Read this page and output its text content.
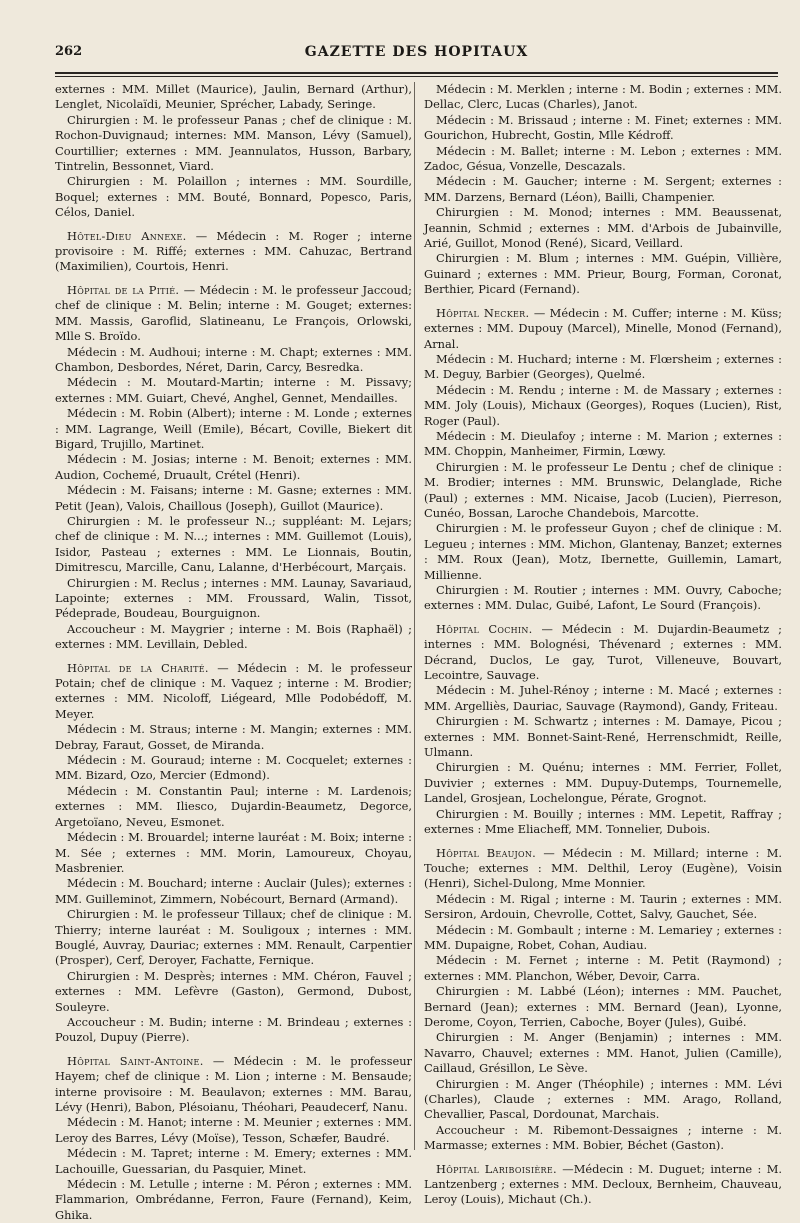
262	GAZETTE DES HOPITAUX

externes : MM. Millet (Maurice), Jaulin, Bernard (Arthur), Lenglet, Nicolaïdi, Meunier, Sprécher, Labady, Seringe.

Chirurgien : M. le professeur Panas ; chef de clinique : M. Rochon-Duvignaud; internes: MM. Manson, Lévy (Samuel), Courtillier; externes : MM. Jeannulatos, Husson, Barbary, Tintrelin, Bessonnet, Viard.

Chirurgien : M. Polaillon ; internes : MM. Sourdille, Boquel; externes : MM. Bouté, Bonnard, Popesco, Paris, Célos, Daniel.

Hôtel-Dieu Annexe. — Médecin : M. Roger ; interne provisoire : M. Riffé; externes : MM. Cahuzac, Bertrand (Maximilien), Courtois, Henri.

Hôpital de la Pitié. — Médecin : M. le professeur Jaccoud; chef de clinique : M. Belin; interne : M. Gouget; externes: MM. Massis, Garoflid, Slatineanu, Le François, Orlowski, Mlle S. Broïdo.

Médecin : M. Audhoui; interne : M. Chapt; externes : MM. Chambon, Desbordes, Néret, Darin, Carcy, Besredka.

Médecin : M. Moutard-Martin; interne : M. Pissavy; externes : MM. Guiart, Chevé, Anghel, Gennet, Mendailles.

Médecin : M. Robin (Albert); interne : M. Londe ; externes : MM. Lagrange, Weill (Emile), Bécart, Coville, Biekert dit Bigard, Trujillo, Martinet.

Médecin : M. Josias; interne : M. Benoit; externes : MM. Audion, Cochemé, Druault, Crétel (Henri).

Médecin : M. Faisans; interne : M. Gasne; externes : MM. Petit (Jean), Valois, Chaillous (Joseph), Guillot (Maurice).

Chirurgien : M. le professeur N..; suppléant: M. Lejars; chef de clinique : M. N...; internes : MM. Guillemot (Louis), Isidor, Pasteau ; externes : MM. Le Lionnais, Boutin, Dimitrescu, Marcille, Canu, Lalanne, d'Herbécourt, Marçais.

Chirurgien : M. Reclus ; internes : MM. Launay, Savariaud, Lapointe; externes : MM. Froussard, Walin, Tissot, Pédeprade, Boudeau, Bourguignon.

Accoucheur : M. Maygrier ; interne : M. Bois (Raphaël) ; externes : MM. Levillain, Debled.

Hôpital de la Charité. — Médecin : M. le professeur Potain; chef de clinique : M. Vaquez ; interne : M. Brodier; externes : MM. Nicoloff, Liégeard, Mlle Podobédoff, M. Meyer.

Médecin : M. Straus; interne : M. Mangin; externes : MM. Debray, Faraut, Gosset, de Miranda.

Médecin : M. Gouraud; interne : M. Cocquelet; externes : MM. Bizard, Ozo, Mercier (Edmond).

Médecin : M. Constantin Paul; interne : M. Lardenois; externes : MM. Iliesco, Dujardin-Beaumetz, Degorce, Argetoïano, Neveu, Esmonet.

Médecin : M. Brouardel; interne lauréat : M. Boix; interne : M. Sée ; externes : MM. Morin, Lamoureux, Choyau, Masbrenier.

Médecin : M. Bouchard; interne : Auclair (Jules); externes : MM. Guilleminot, Zimmern, Nobécourt, Bernard (Armand).

Chirurgien : M. le professeur Tillaux; chef de clinique : M. Thierry; interne lauréat : M. Souligoux ; internes : MM. Bouglé, Auvray, Dauriac; externes : MM. Renault, Carpentier (Prosper), Cerf, Deroyer, Fachatte, Fernique.

Chirurgien : M. Desprès; internes : MM. Chéron, Fauvel ; externes : MM. Lefèvre (Gaston), Germond, Dubost, Souleyre.

Accoucheur : M. Budin; interne : M. Brindeau ; externes : Pouzol, Dupuy (Pierre).

Hôpital Saint-Antoine. — Médecin : M. le professeur Hayem; chef de clinique : M. Lion ; interne : M. Bensaude; interne provisoire : M. Beaulavon; externes : MM. Barau, Lévy (Henri), Babon, Plésoianu, Théohari, Peaudecerf, Nanu.

Médecin : M. Hanot; interne : M. Meunier ; externes : MM. Leroy des Barres, Lévy (Moïse), Tesson, Schæfer, Baudré.

Médecin : M. Tapret; interne : M. Emery; externes : MM. Lachouille, Guessarian, du Pasquier, Minet.

Médecin : M. Letulle ; interne : M. Péron ; externes : MM. Flammarion, Ombrédanne, Ferron, Faure (Fernand), Keim, Ghika.

Médecin : M. Merklen ; interne : M. Bodin ; externes : MM. Dellac, Clerc, Lucas (Charles), Janot.

Médecin : M. Brissaud ; interne : M. Finet; externes : MM. Gourichon, Hubrecht, Gostin, Mlle Kédroff.

Médecin : M. Ballet; interne : M. Lebon ; externes : MM. Zadoc, Gésua, Vonzelle, Descazals.

Médecin : M. Gaucher; interne : M. Sergent; externes : MM. Darzens, Bernard (Léon), Bailli, Champenier.

Chirurgien : M. Monod; internes : MM. Beaussenat, Jeannin, Schmid ; externes : MM. d'Arbois de Jubainville, Arié, Guillot, Monod (René), Sicard, Veillard.

Chirurgien : M. Blum ; internes : MM. Guépin, Villière, Guinard ; externes : MM. Prieur, Bourg, Forman, Coronat, Berthier, Picard (Fernand).

Hôpital Necker. — Médecin : M. Cuffer; interne : M. Küss; externes : MM. Dupouy (Marcel), Minelle, Monod (Fernand), Arnal.

Médecin : M. Huchard; interne : M. Flœrsheim ; externes : M. Deguy, Barbier (Georges), Quelmé.

Médecin : M. Rendu ; interne : M. de Massary ; externes : MM. Joly (Louis), Michaux (Georges), Roques (Lucien), Rist, Roger (Paul).

Médecin : M. Dieulafoy ; interne : M. Marion ; externes : MM. Choppin, Manheimer, Firmin, Lœwy.

Chirurgien : M. le professeur Le Dentu ; chef de clinique : M. Brodier; internes : MM. Brunswic, Delanglade, Riche (Paul) ; externes : MM. Nicaise, Jacob (Lucien), Pierreson, Cunéo, Bossan, Laroche Chandebois, Marcotte.

Chirurgien : M. le professeur Guyon ; chef de clinique : M. Legueu ; internes : MM. Michon, Glantenay, Banzet; externes : MM. Roux (Jean), Motz, Ibernette, Guillemin, Lamart, Millienne.

Chirurgien : M. Routier ; internes : MM. Ouvry, Caboche; externes : MM. Dulac, Guibé, Lafont, Le Sourd (François).

Hôpital Cochin. — Médecin : M. Dujardin-Beaumetz ; internes : MM. Bolognési, Thévenard ; externes : MM. Décrand, Duclos, Le gay, Turot, Villeneuve, Bouvart, Lecointre, Sauvage.

Médecin : M. Juhel-Rénoy ; interne : M. Macé ; externes : MM. Argelliès, Dauriac, Sauvage (Raymond), Gandy, Friteau.

Chirurgien : M. Schwartz ; internes : M. Damaye, Picou ; externes : MM. Bonnet-Saint-René, Herrenschmidt, Reille, Ulmann.

Chirurgien : M. Quénu; internes : MM. Ferrier, Follet, Duvivier ; externes : MM. Dupuy-Dutemps, Tournemelle, Landel, Grosjean, Lochelongue, Pérate, Grognot.

Chirurgien : M. Bouilly ; internes : MM. Lepetit, Raffray ; externes : Mme Eliacheff, MM. Tonnelier, Dubois.

Hôpital Beaujon. — Médecin : M. Millard; interne : M. Touche; externes : MM. Delthil, Leroy (Eugène), Voisin (Henri), Sichel-Dulong, Mme Monnier.

Médecin : M. Rigal ; interne : M. Taurin ; externes : MM. Sersiron, Ardouin, Chevrolle, Cottet, Salvy, Gauchet, Sée.

Médecin : M. Gombault ; interne : M. Lemariey ; externes : MM. Dupaigne, Robet, Cohan, Audiau.

Médecin : M. Fernet ; interne : M. Petit (Raymond) ; externes : MM. Planchon, Wéber, Devoir, Carra.

Chirurgien : M. Labbé (Léon); internes : MM. Pauchet, Bernard (Jean); externes : MM. Bernard (Jean), Lyonne, Derome, Coyon, Terrien, Caboche, Boyer (Jules), Guibé.

Chirurgien : M. Anger (Benjamin) ; internes : MM. Navarro, Chauvel; externes : MM. Hanot, Julien (Camille), Caillaud, Grésillon, Le Sève.

Chirurgien : M. Anger (Théophile) ; internes : MM. Lévi (Charles), Claude ; externes : MM. Arago, Rolland, Chevallier, Pascal, Dordounat, Marchais.

Accoucheur : M. Ribemont-Dessaignes ; interne : M. Marmasse; externes : MM. Bobier, Béchet (Gaston).

Hôpital Lariboisière. —Médecin : M. Duguet; interne : M. Lantzenberg ; externes : MM. Decloux, Bernheim, Chauveau, Leroy (Louis), Michaut (Ch.).
